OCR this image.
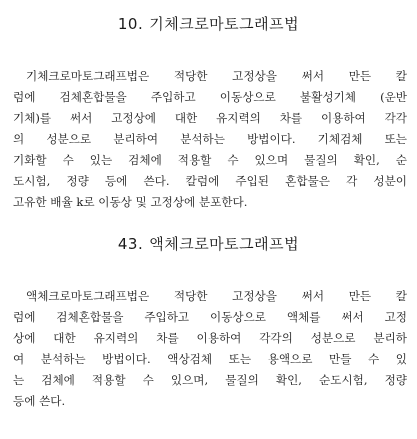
10. 기체크로마토그래프법
기체크로마토그래프법은 적당한 고정상을 써서 만든 칼
럼에 검체혼합물을 주입하고 이동상으로 불활성기체 (운반
기체)를 써서 고정상에 대한 유지력의 차를 이용하여 각각
의 성분으로 분리하여 분석하는 방법이다. 기체검체 또는
기화할 수 있는 검체에 적용할 수 있으며 물질의 확인, 순
도시험, 정량 등에 쓴다. 칼럼에 주입된 혼합물은 각 성분이
고유한 배율 k로 이동상 및 고정상에 분포한다.
43. 액체크로마토그래프법
액체크로마토그래프법은 적당한 고정상을 써서 만든 칼
럼에 검체혼합물을 주입하고 이동상으로 액체를 써서 고정
상에 대한 유지력의 차를 이용하여 각각의 성분으로 분리하
여 분석하는 방법이다. 액상검체 또는 용액으로 만들 수 있
는 검체에 적용할 수 있으며, 물질의 확인, 순도시험, 정량
등에 쓴다.
